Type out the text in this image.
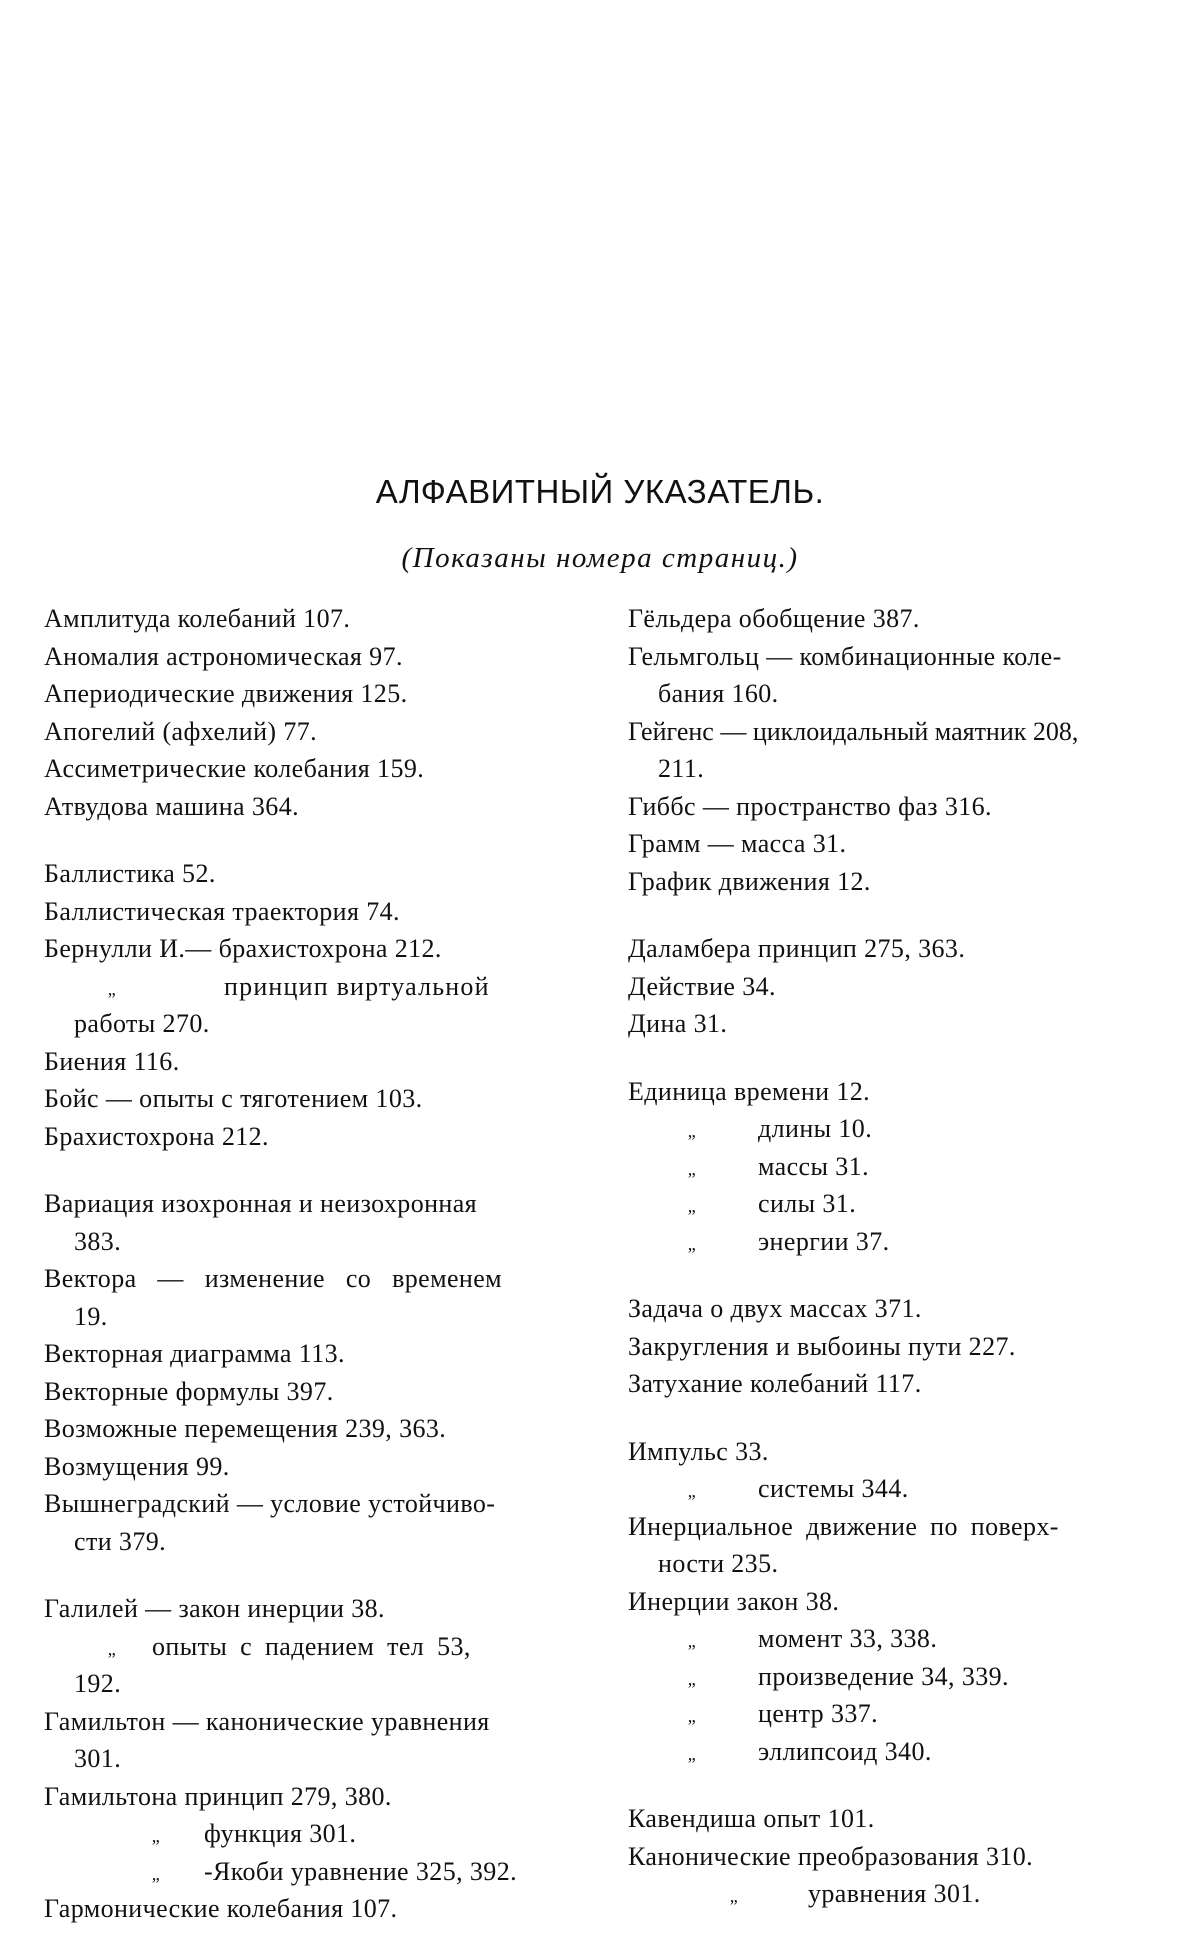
АЛФАВИТНЫЙ УКАЗАТЕЛЬ.
(Показаны номера страниц.)
Амплитуда колебаний 107.
Аномалия астрономическая 97.
Апериодические движения 125.
Апогелий (афхелий) 77.
Ассиметрические колебания 159.
Атвудова машина 364.
Баллистика 52.
Баллистическая траектория 74.
Бернулли И.— брахистохрона 212.
„	принцип виртуальной
работы 270.
Биения 116.
Бойс — опыты с тяготением 103.
Брахистохрона 212.
Вариация изохронная и неизохронная
383.
Вектора — изменение со временем
19.
Векторная диаграмма 113.
Векторные формулы 397.
Возможные перемещения 239, 363.
Возмущения 99.
Вышнеградский — условие устойчиво-
сти 379.
Галилей — закон инерции 38.
„ опыты с падением тел 53,
192.
Гамильтон — канонические уравнения
301.
Гамильтона принцип 279, 380.
„ функция 301.
„ -Якоби уравнение 325, 392.
Гармонические колебания 107.
Гёльдера обобщение 387.
Гельмгольц — комбинационные коле-
бания 160.
Гейгенс — циклоидальный маятник 208,
211.
Гиббс — пространство фаз 316.
Грамм — масса 31.
График движения 12.
Даламбера принцип 275, 363.
Действие 34.
Дина 31.
Единица времени 12.
„ длины 10.
„ массы 31.
„ силы 31.
„ энергии 37.
Задача о двух массах 371.
Закругления и выбоины пути 227.
Затухание колебаний 117.
Импульс 33.
„ системы 344.
Инерциальное движение по поверх-
ности 235.
Инерции закон 38.
„ момент 33, 338.
„ произведение 34, 339.
„ центр 337.
„ эллипсоид 340.
Кавендиша опыт 101.
Канонические преобразования 310.
„	уравнения 301.
